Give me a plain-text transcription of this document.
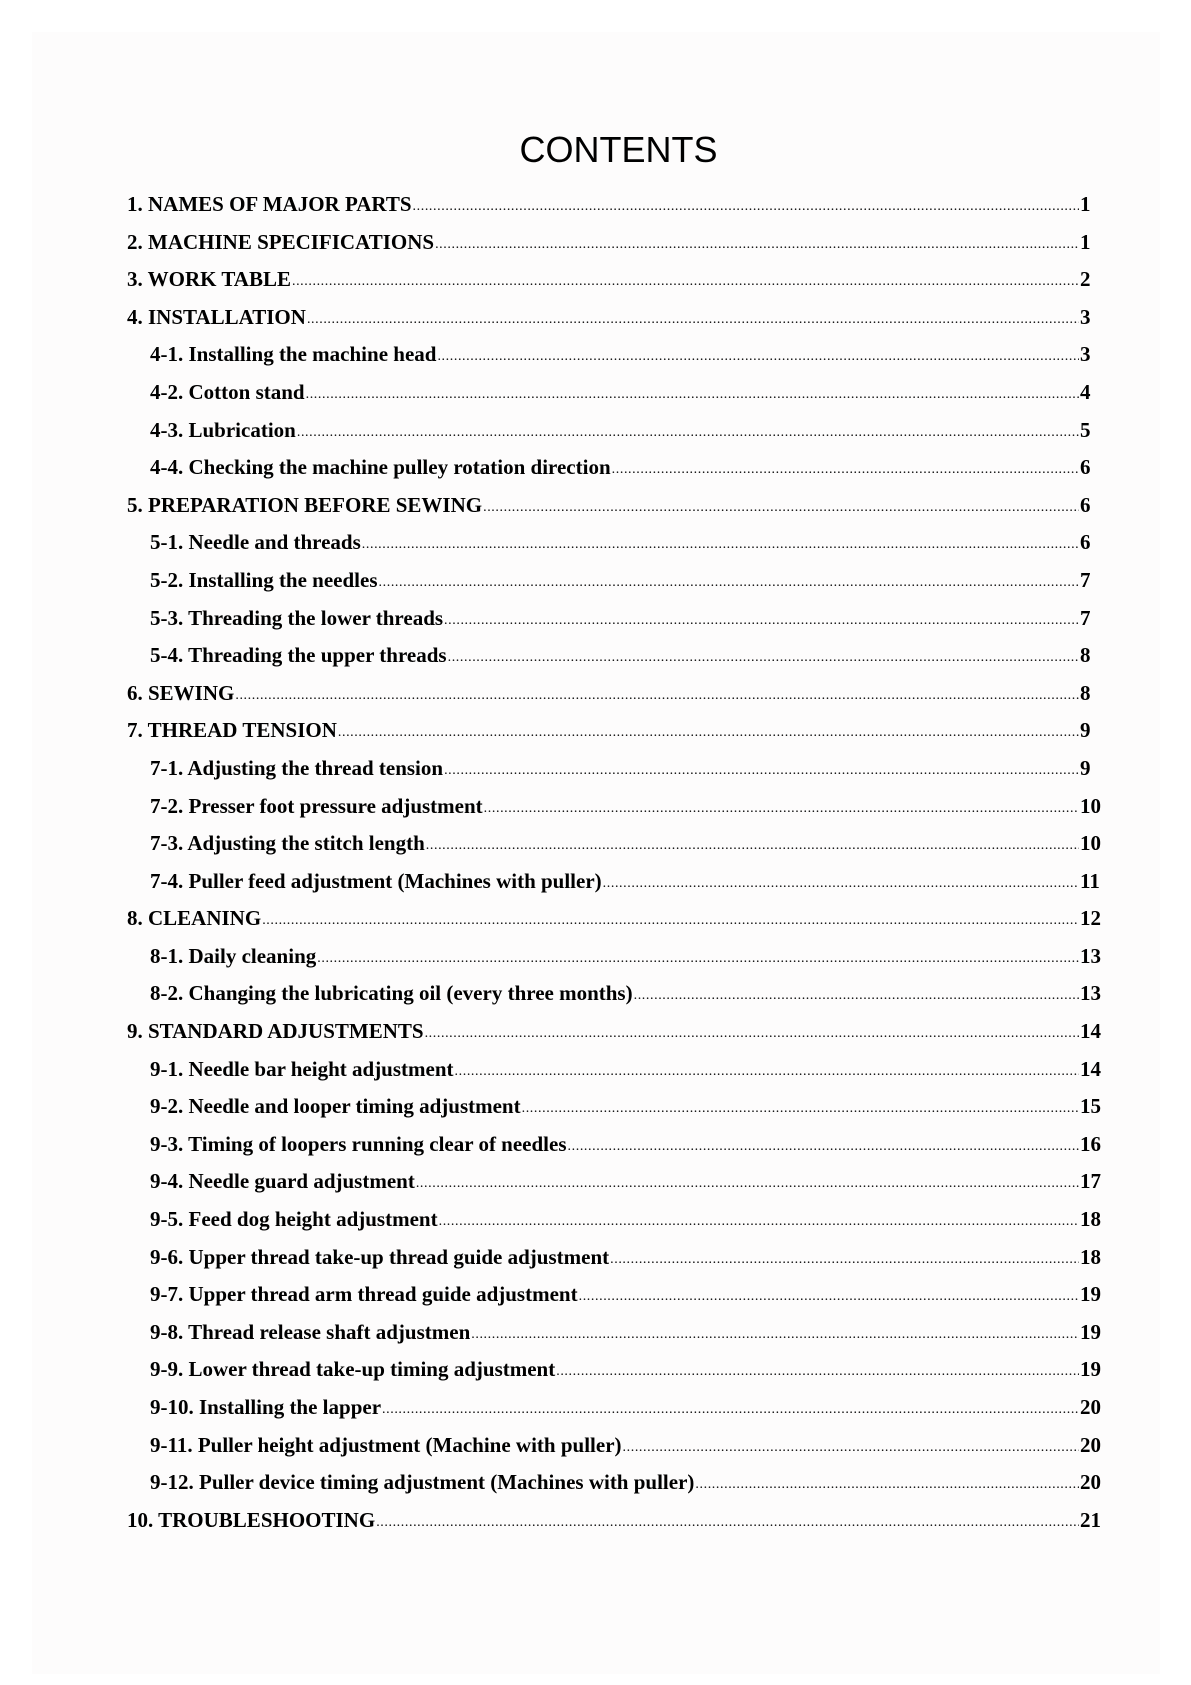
CONTENTS
1. NAMES OF MAJOR PARTS .....	1
2. MACHINE SPECIFICATIONS .....	1
3. WORK TABLE .....	2
4. INSTALLATION .....	3
4-1. Installing the machine head .....	3
4-2. Cotton stand .....	4
4-3. Lubrication .....	5
4-4. Checking the machine pulley rotation direction .....	6
5. PREPARATION BEFORE SEWING .....	6
5-1. Needle and threads .....	6
5-2. Installing the needles .....	7
5-3. Threading the lower threads .....	7
5-4. Threading the upper threads .....	8
6. SEWING .....	8
7. THREAD TENSION .....	9
7-1. Adjusting the thread tension .....	9
7-2. Presser foot pressure adjustment .....	10
7-3. Adjusting the stitch length .....	10
7-4. Puller feed adjustment (Machines with puller) .....	11
8. CLEANING .....	12
8-1. Daily cleaning .....	13
8-2. Changing the lubricating oil (every three months) .....	13
9. STANDARD ADJUSTMENTS .....	14
9-1. Needle bar height adjustment .....	14
9-2. Needle and looper timing adjustment .....	15
9-3. Timing of loopers running clear of needles .....	16
9-4. Needle guard adjustment .....	17
9-5. Feed dog height adjustment .....	18
9-6. Upper thread take-up thread guide adjustment .....	18
9-7. Upper thread arm thread guide adjustment .....	19
9-8. Thread release shaft adjustmen .....	19
9-9. Lower thread take-up timing adjustment .....	19
9-10. Installing the lapper .....	20
9-11. Puller height adjustment (Machine with puller) .....	20
9-12. Puller device timing adjustment (Machines with puller) .....	20
10. TROUBLESHOOTING .....	21
